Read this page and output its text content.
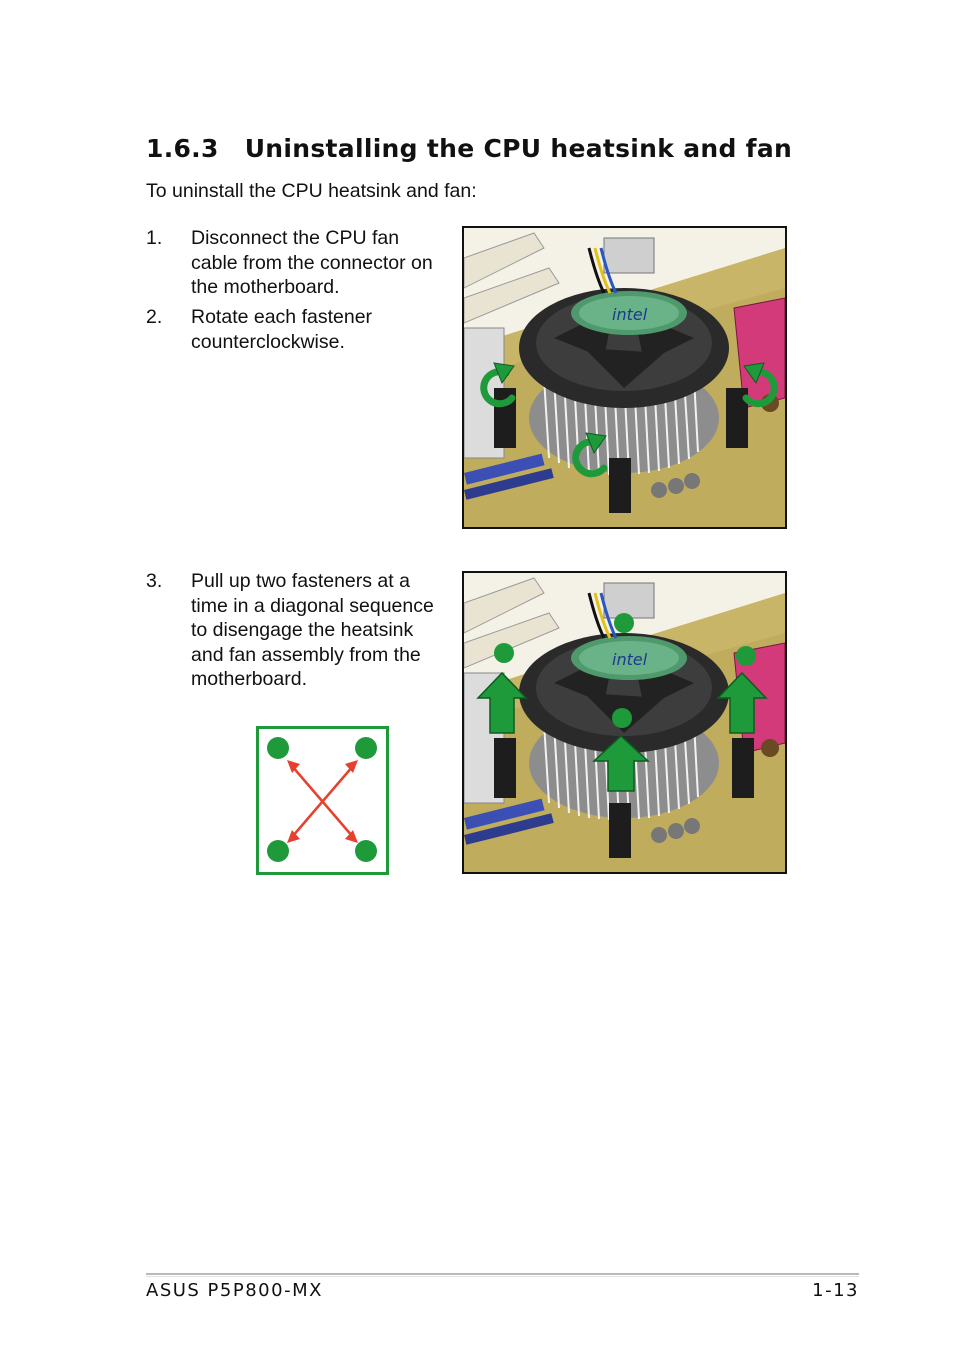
1.6.3 Uninstalling the CPU heatsink and fan

To uninstall the CPU heatsink and fan:

1. Disconnect the CPU fan cable from the connector on the motherboard.
2. Rotate each fastener counterclockwise.
3. Pull up two fasteners at a time in a diagonal sequence to disengage the heatsink and fan assembly from the motherboard.
intel
intel
ASUS P5P800-MX	1-13
